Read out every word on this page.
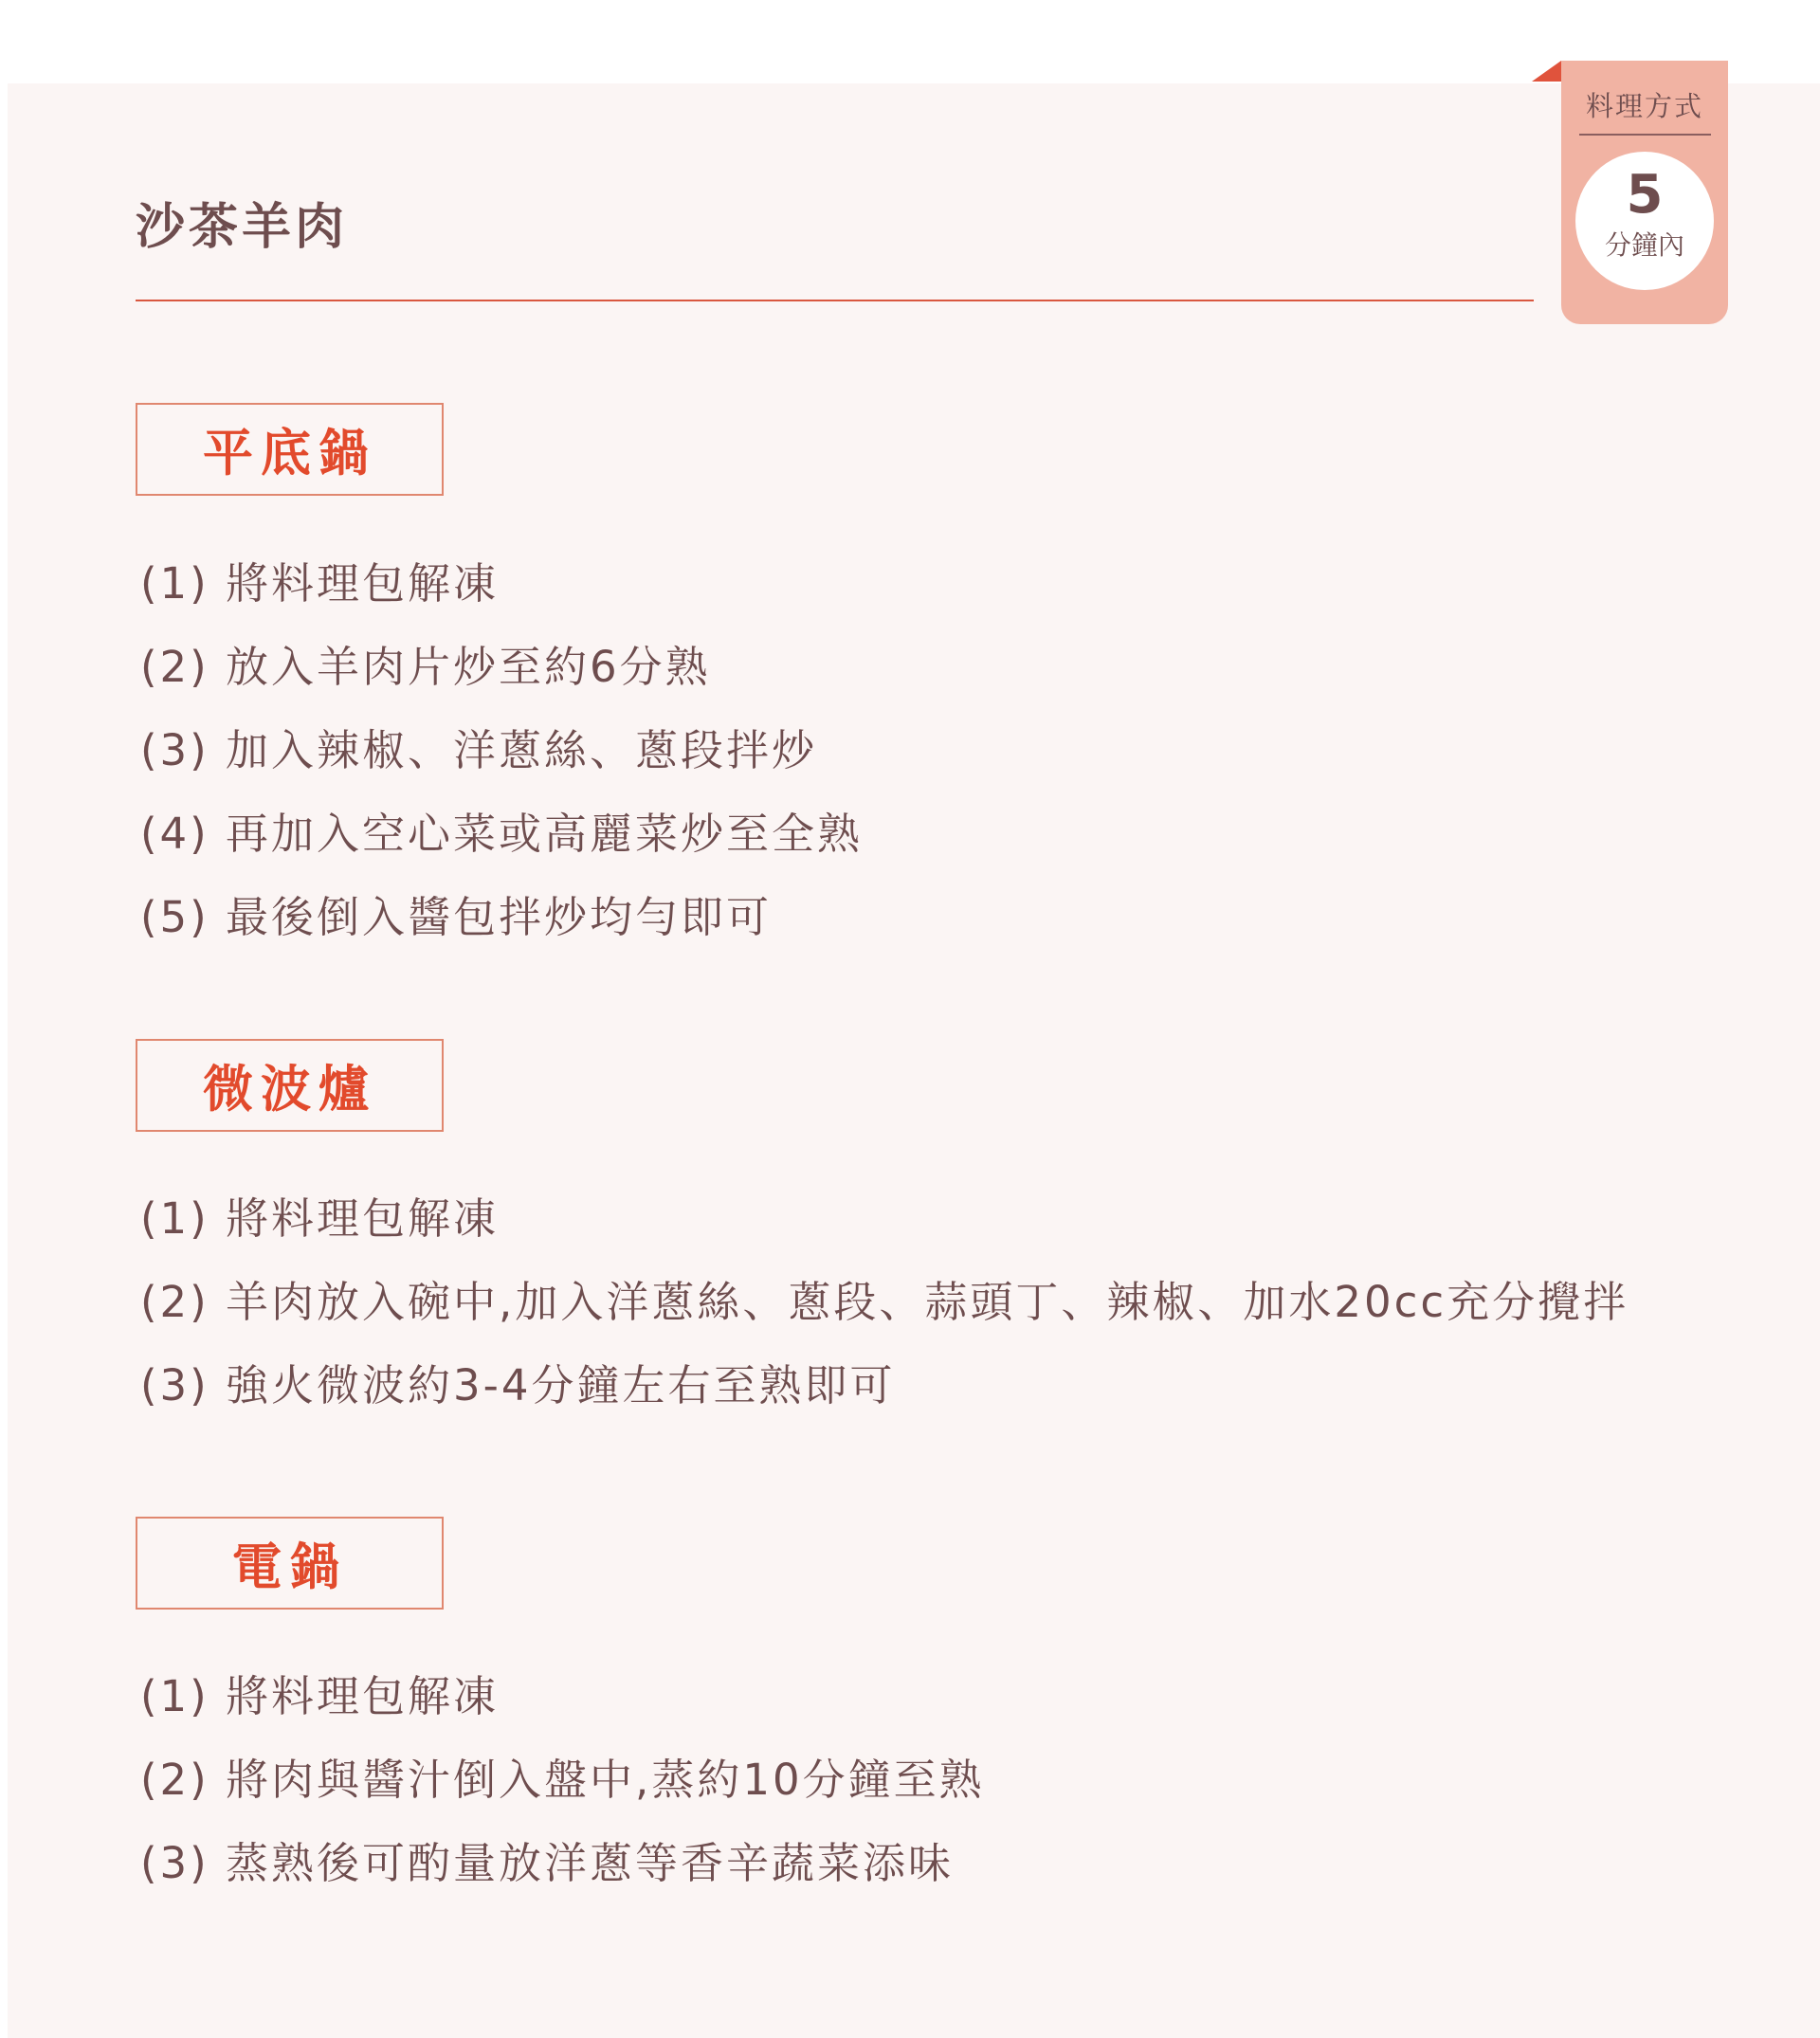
沙茶羊肉
料理方式
5
分鐘內
平底鍋
(1) 將料理包解凍
(2) 放入羊肉片炒至約6分熟
(3) 加入辣椒、洋蔥絲、蔥段拌炒
(4) 再加入空心菜或高麗菜炒至全熟
(5) 最後倒入醬包拌炒均勻即可
微波爐
(1) 將料理包解凍
(2) 羊肉放入碗中,加入洋蔥絲、蔥段、蒜頭丁、辣椒、加水20cc充分攪拌
(3) 強火微波約3-4分鐘左右至熟即可
電鍋
(1) 將料理包解凍
(2) 將肉與醬汁倒入盤中,蒸約10分鐘至熟
(3) 蒸熟後可酌量放洋蔥等香辛蔬菜添味
